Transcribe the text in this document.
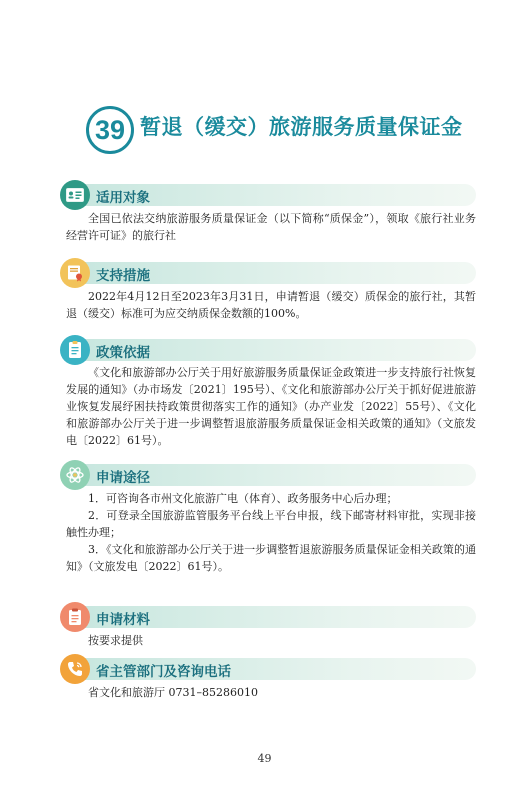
39 暂退（缓交）旅游服务质量保证金
适用对象

全国已依法交纳旅游服务质量保证金（以下简称“质保金”），领取《旅行社业务经营许可证》的旅行社

支持措施

2022年4月12日至2023年3月31日，申请暂退（缓交）质保金的旅行社，其暂退（缓交）标准可为应交纳质保金数额的100%。

政策依据

《文化和旅游部办公厅关于用好旅游服务质量保证金政策进一步支持旅行社恢复发展的通知》（办市场发〔2021〕195号）、《文化和旅游部办公厅关于抓好促进旅游业恢复发展纾困扶持政策贯彻落实工作的通知》（办产业发〔2022〕55号）、《文化和旅游部办公厅关于进一步调整暂退旅游服务质量保证金相关政策的通知》（文旅发电〔2022〕61号）。

申请途径

1．可咨询各市州文化旅游广电（体育）、政务服务中心后办理；

2．可登录全国旅游监管服务平台线上平台申报，线下邮寄材料审批，实现非接触性办理；

3．《文化和旅游部办公厅关于进一步调整暂退旅游服务质量保证金相关政策的通知》（文旅发电〔2022〕61号）。

申请材料

按要求提供

省主管部门及咨询电话

省文化和旅游厅 0731–85286010

49
